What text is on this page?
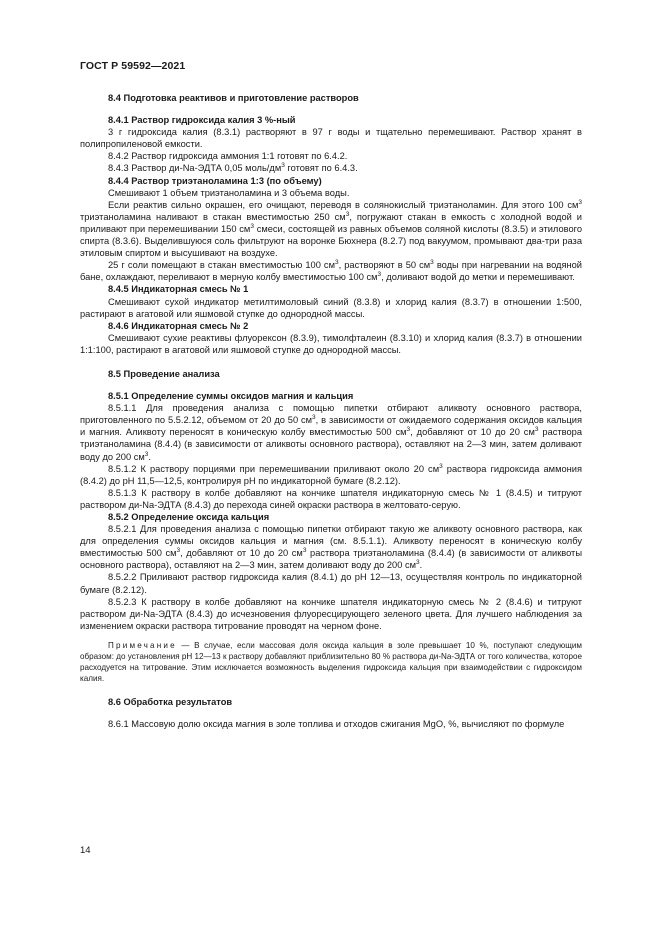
ГОСТ Р 59592—2021

8.4 Подготовка реактивов и приготовление растворов

8.4.1 Раствор гидроксида калия 3 %-ный

3 г гидроксида калия (8.3.1) растворяют в 97 г воды и тщательно перемешивают. Раствор хранят в полипропиленовой емкости.

8.4.2 Раствор гидроксида аммония 1:1 готовят по 6.4.2.

8.4.3 Раствор ди-Na-ЭДТА 0,05 моль/$дм^3$ готовят по 6.4.3.

8.4.4 Раствор триэтаноламина 1:3 (по объему)

Смешивают 1 объем триэтаноламина и 3 объема воды.

Если реактив сильно окрашен, его очищают, переводя в солянокислый триэтаноламин. Для этого 100 $см^3$ триэтаноламина наливают в стакан вместимостью 250 $см^3$, погружают стакан в емкость с холодной водой и приливают при перемешивании 150 $см^3$ смеси, состоящей из равных объемов соляной кислоты (8.3.5) и этилового спирта (8.3.6). Выделившуюся соль фильтруют на воронке Бюхнера (8.2.7) под вакуумом, промывают два-три раза этиловым спиртом и высушивают на воздухе.

25 г соли помещают в стакан вместимостью 100 $см^3$, растворяют в 50 $см^3$ воды при нагревании на водяной бане, охлаждают, переливают в мерную колбу вместимостью 100 $см^3$, доливают водой до метки и перемешивают.

8.4.5 Индикаторная смесь № 1

Смешивают сухой индикатор метилтимоловый синий (8.3.8) и хлорид калия (8.3.7) в отношении 1:500, растирают в агатовой или яшмовой ступке до однородной массы.

8.4.6 Индикаторная смесь № 2

Смешивают сухие реактивы флуорексон (8.3.9), тимолфталеин (8.3.10) и хлорид калия (8.3.7) в отношении 1:1:100, растирают в агатовой или яшмовой ступке до однородной массы.

8.5 Проведение анализа

8.5.1 Определение суммы оксидов магния и кальция

8.5.1.1 Для проведения анализа с помощью пипетки отбирают аликвоту основного раствора, приготовленного по 5.5.2.12, объемом от 20 до 50 $см^3$, в зависимости от ожидаемого содержания оксидов кальция и магния. Аликвоту переносят в коническую колбу вместимостью 500 $см^3$, добавляют от 10 до 20 $см^3$ раствора триэтаноламина (8.4.4) (в зависимости от аликвоты основного раствора), оставляют на 2—3 мин, затем доливают воду до 200 $см^3$.

8.5.1.2 К раствору порциями при перемешивании приливают около 20 $см^3$ раствора гидроксида аммония (8.4.2) до pH 11,5—12,5, контролируя pH по индикаторной бумаге (8.2.12).

8.5.1.3 К раствору в колбе добавляют на кончике шпателя индикаторную смесь № 1 (8.4.5) и титруют раствором ди-Na-ЭДТА (8.4.3) до перехода синей окраски раствора в желтовато-серую.

8.5.2 Определение оксида кальция

8.5.2.1 Для проведения анализа с помощью пипетки отбирают такую же аликвоту основного раствора, как для определения суммы оксидов кальция и магния (см. 8.5.1.1). Аликвоту переносят в коническую колбу вместимостью 500 $см^3$, добавляют от 10 до 20 $см^3$ раствора триэтаноламина (8.4.4) (в зависимости от аликвоты основного раствора), оставляют на 2—3 мин, затем доливают воду до 200 $см^3$.

8.5.2.2 Приливают раствор гидроксида калия (8.4.1) до pH 12—13, осуществляя контроль по индикаторной бумаге (8.2.12).

8.5.2.3 К раствору в колбе добавляют на кончике шпателя индикаторную смесь № 2 (8.4.6) и титруют раствором ди-Na-ЭДТА (8.4.3) до исчезновения флуоресцирующего зеленого цвета. Для лучшего наблюдения за изменением окраски раствора титрование проводят на черном фоне.

Примечание — В случае, если массовая доля оксида кальция в золе превышает 10 %, поступают следующим образом: до установления pH 12—13 к раствору добавляют приблизительно 80 % раствора ди-Na-ЭДТА от того количества, которое расходуется на титрование. Этим исключается возможность выделения гидроксида кальция при взаимодействии с гидроксидом калия.

8.6 Обработка результатов

8.6.1 Массовую долю оксида магния в золе топлива и отходов сжигания MgO, %, вычисляют по формуле

14
